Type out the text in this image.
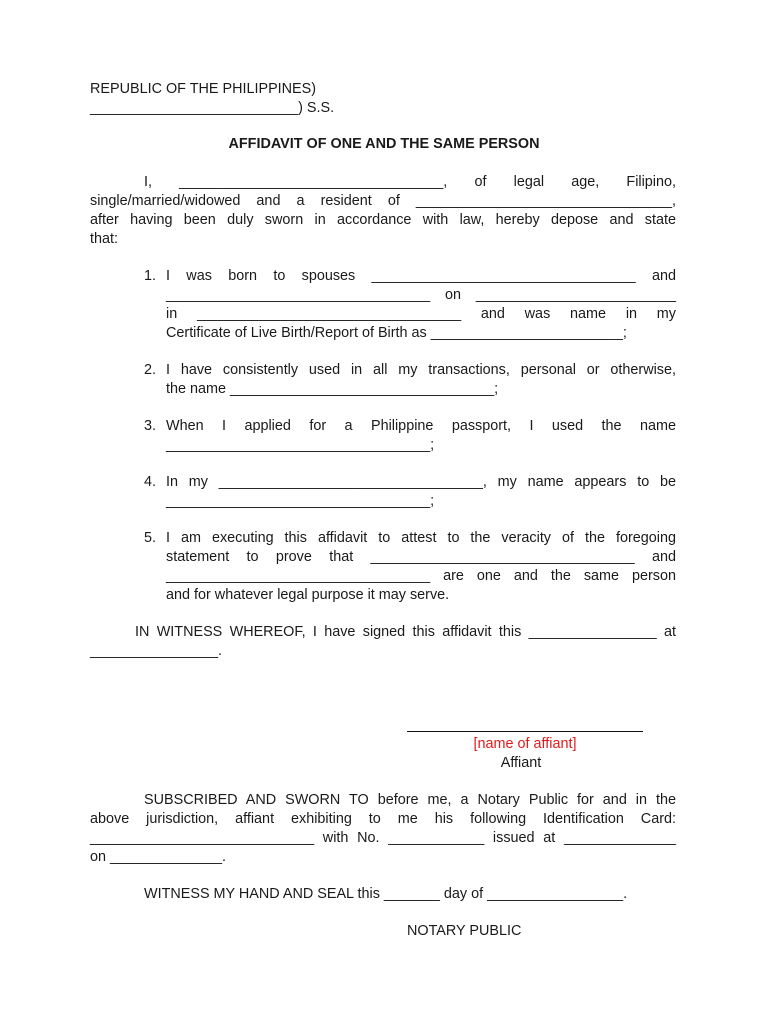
REPUBLIC OF THE PHILIPPINES)
__________________________) S.S.
AFFIDAVIT OF ONE AND THE SAME PERSON
I, _________________________________, of legal age, Filipino,
single/married/widowed and a resident of ________________________________,
after having been duly sworn in accordance with law, hereby depose and state
that:
1. I was born to spouses _________________________________ and
_________________________________ on _________________________
in _________________________________ and was name in my
Certificate of Live Birth/Report of Birth as ________________________;
2. I have consistently used in all my transactions, personal or otherwise,
the name _________________________________;
3. When I applied for a Philippine passport, I used the name
_________________________________;
4. In my _________________________________, my name appears to be
_________________________________;
5. I am executing this affidavit to attest to the veracity of the foregoing
statement to prove that _________________________________ and
_________________________________ are one and the same person
and for whatever legal purpose it may serve.
IN WITNESS WHEREOF, I have signed this affidavit this ________________ at
________________.
[name of affiant]
Affiant
SUBSCRIBED AND SWORN TO before me, a Notary Public for and in the
above jurisdiction, affiant exhibiting to me his following Identification Card:
____________________________ with No. ____________ issued at ______________
on ______________.
WITNESS MY HAND AND SEAL this _______ day of _________________.
NOTARY PUBLIC
